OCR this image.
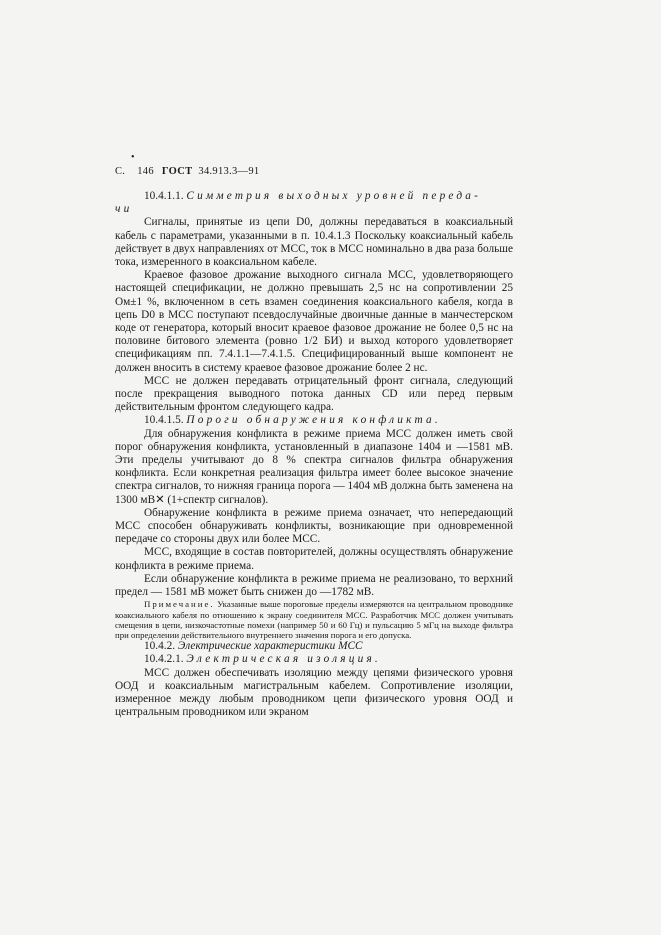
•
С. 146 ГОСТ 34.913.3—91

10.4.1.1. Симметрия выходных уровней переда-

чи

Сигналы, принятые из цепи D0, должны передаваться в коаксиальный кабель с параметрами, указанными в п. 10.4.1.3 Поскольку коаксиальный кабель действует в двух направлениях от МСС, ток в МСС номинально в два раза больше тока, измеренного в коаксиальном кабеле.

Краевое фазовое дрожание выходного сигнала МСС, удовлетворяющего настоящей спецификации, не должно превышать 2,5 нс на сопротивлении 25 Ом±1 %, включенном в сеть взамен соединения коаксиального кабеля, когда в цепь D0 в МСС поступают псевдослучайные двоичные данные в манчестерском коде от генератора, который вносит краевое фазовое дрожание не более 0,5 нс на половине битового элемента (ровно 1/2 БИ) и выход которого удовлетворяет спецификациям пп. 7.4.1.1—7.4.1.5. Специфицированный выше компонент не должен вносить в систему краевое фазовое дрожание более 2 нс.

МСС не должен передавать отрицательный фронт сигнала, следующий после прекращения выводного потока данных CD или перед первым действительным фронтом следующего кадра.

10.4.1.5. Пороги обнаружения конфликта.

Для обнаружения конфликта в режиме приема МСС должен иметь свой порог обнаружения конфликта, установленный в диапазоне 1404 и —1581 мВ. Эти пределы учитывают до 8 % спектра сигналов фильтра обнаружения конфликта. Если конкретная реализация фильтра имеет более высокое значение спектра сигналов, то нижняя граница порога — 1404 мВ должна быть заменена на 1300 мВ✕ (1+спектр сигналов).

Обнаружение конфликта в режиме приема означает, что непередающий МСС способен обнаруживать конфликты, возникающие при одновременной передаче со стороны двух или более МСС.

МСС, входящие в состав повторителей, должны осуществлять обнаружение конфликта в режиме приема.

Если обнаружение конфликта в режиме приема не реализовано, то верхний предел — 1581 мВ может быть снижен до —1782 мВ.

Примечание. Указанные выше пороговые пределы измеряются на центральном проводнике коаксиального кабеля по отношению к экрану соединителя МСС. Разработчик МСС должен учитывать смещения в цепи, низкочастотные помехи (например 50 и 60 Гц) и пульсацию 5 мГц на выходе фильтра при определении действительного внутреннего значения порога и его допуска.

10.4.2. Электрические характеристики МСС

10.4.2.1. Электрическая изоляция.

МСС должен обеспечивать изоляцию между цепями физического уровня ООД и коаксиальным магистральным кабелем. Сопротивление изоляции, измеренное между любым проводником цепи физического уровня ООД и центральным проводником или экраном
